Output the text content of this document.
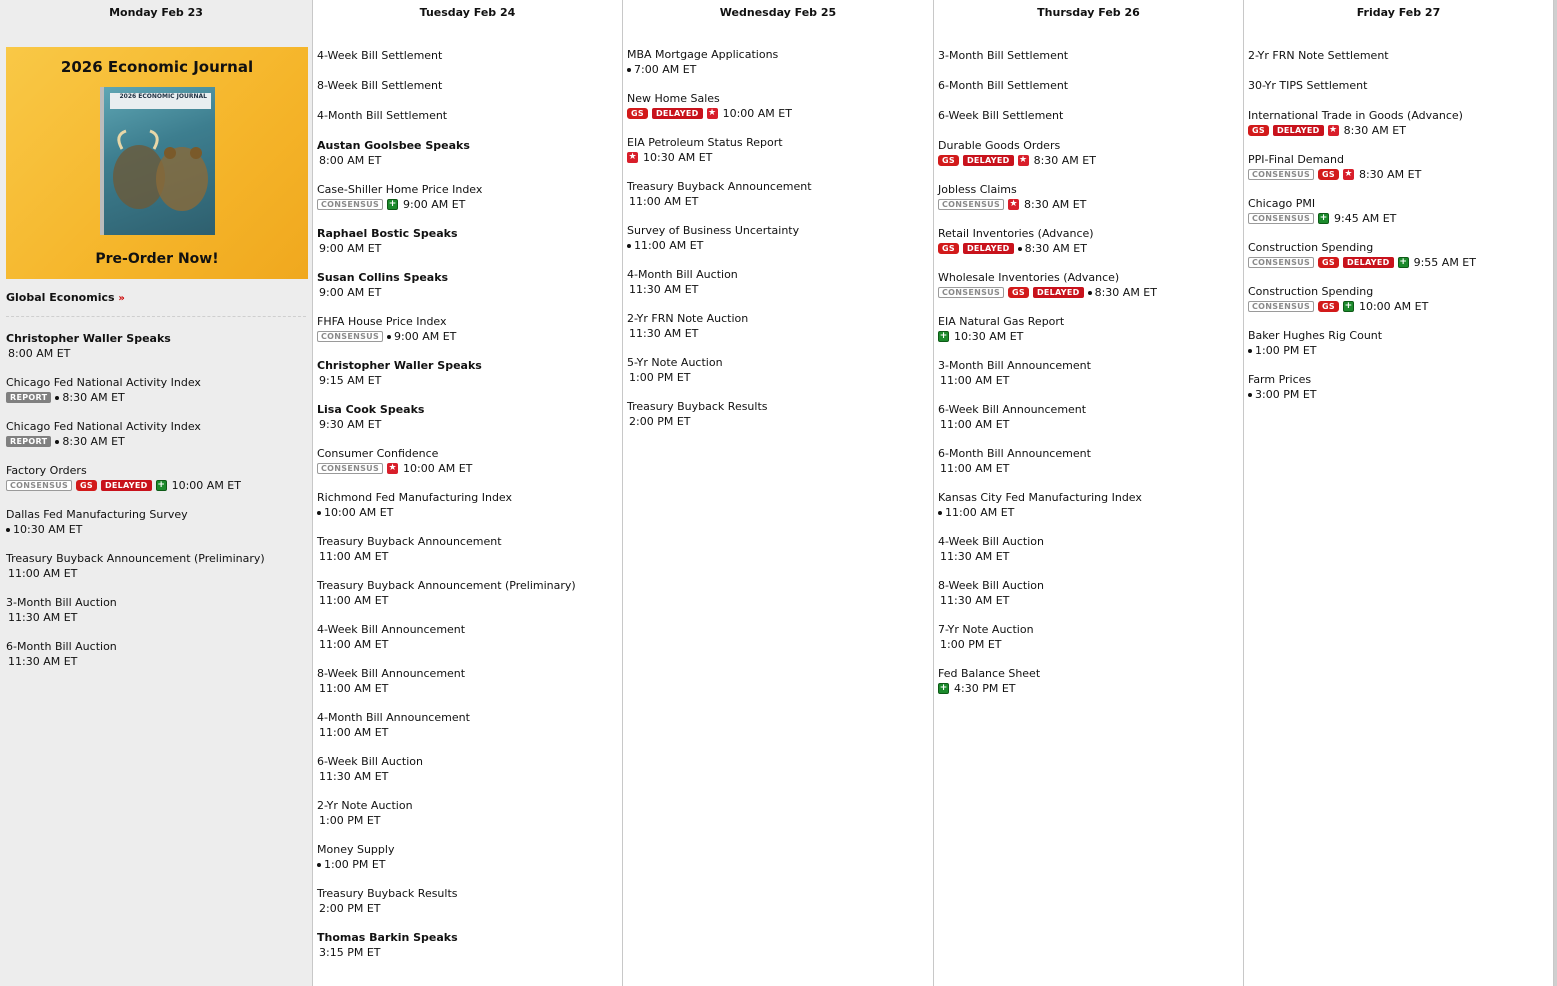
Monday Feb 23
2026 Economic Journal
2026 ECONOMIC JOURNAL
Pre-Order Now!
Global Economics »
Christopher Waller Speaks
8:00 AM ET
Chicago Fed National Activity Index
REPORT	8:30 AM ET
Chicago Fed National Activity Index
REPORT	8:30 AM ET
Factory Orders
CONSENSUS	GS	DELAYED	+ 10:00 AM ET
Dallas Fed Manufacturing Survey
10:30 AM ET
Treasury Buyback Announcement (Preliminary)
11:00 AM ET
3-Month Bill Auction
11:30 AM ET
6-Month Bill Auction
11:30 AM ET
Tuesday Feb 24
4-Week Bill Settlement
8-Week Bill Settlement
4-Month Bill Settlement
Austan Goolsbee Speaks
8:00 AM ET
Case-Shiller Home Price Index
CONSENSUS	+ 9:00 AM ET
Raphael Bostic Speaks
9:00 AM ET
Susan Collins Speaks
9:00 AM ET
FHFA House Price Index
CONSENSUS	9:00 AM ET
Christopher Waller Speaks
9:15 AM ET
Lisa Cook Speaks
9:30 AM ET
Consumer Confidence
CONSENSUS	★ 10:00 AM ET
Richmond Fed Manufacturing Index
10:00 AM ET
Treasury Buyback Announcement
11:00 AM ET
Treasury Buyback Announcement (Preliminary)
11:00 AM ET
4-Week Bill Announcement
11:00 AM ET
8-Week Bill Announcement
11:00 AM ET
4-Month Bill Announcement
11:00 AM ET
6-Week Bill Auction
11:30 AM ET
2-Yr Note Auction
1:00 PM ET
Money Supply
1:00 PM ET
Treasury Buyback Results
2:00 PM ET
Thomas Barkin Speaks
3:15 PM ET
Wednesday Feb 25
MBA Mortgage Applications
7:00 AM ET
New Home Sales
GS	DELAYED	★ 10:00 AM ET
EIA Petroleum Status Report
★ 10:30 AM ET
Treasury Buyback Announcement
11:00 AM ET
Survey of Business Uncertainty
11:00 AM ET
4-Month Bill Auction
11:30 AM ET
2-Yr FRN Note Auction
11:30 AM ET
5-Yr Note Auction
1:00 PM ET
Treasury Buyback Results
2:00 PM ET
Thursday Feb 26
3-Month Bill Settlement
6-Month Bill Settlement
6-Week Bill Settlement
Durable Goods Orders
GS	DELAYED	★ 8:30 AM ET
Jobless Claims
CONSENSUS	★ 8:30 AM ET
Retail Inventories (Advance)
GS	DELAYED	8:30 AM ET
Wholesale Inventories (Advance)
CONSENSUS	GS	DELAYED	8:30 AM ET
EIA Natural Gas Report
+ 10:30 AM ET
3-Month Bill Announcement
11:00 AM ET
6-Week Bill Announcement
11:00 AM ET
6-Month Bill Announcement
11:00 AM ET
Kansas City Fed Manufacturing Index
11:00 AM ET
4-Week Bill Auction
11:30 AM ET
8-Week Bill Auction
11:30 AM ET
7-Yr Note Auction
1:00 PM ET
Fed Balance Sheet
+ 4:30 PM ET
Friday Feb 27
2-Yr FRN Note Settlement
30-Yr TIPS Settlement
International Trade in Goods (Advance)
GS	DELAYED	★ 8:30 AM ET
PPI-Final Demand
CONSENSUS	GS	★ 8:30 AM ET
Chicago PMI
CONSENSUS	+ 9:45 AM ET
Construction Spending
CONSENSUS	GS	DELAYED	+ 9:55 AM ET
Construction Spending
CONSENSUS	GS	+ 10:00 AM ET
Baker Hughes Rig Count
1:00 PM ET
Farm Prices
3:00 PM ET
